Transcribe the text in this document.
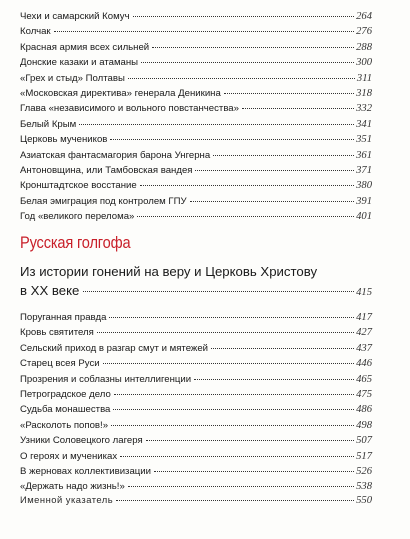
Чехи и самарский Комуч	264
Колчак	276
Красная армия всех сильней	288
Донские казаки и атаманы	300
«Грех и стыд» Полтавы	311
«Московская директива» генерала Деникина	318
Глава «независимого и вольного повстанчества»	332
Белый Крым	341
Церковь мучеников	351
Азиатская фантасмагория барона Унгерна	361
Антоновщина, или Тамбовская вандея	371
Кронштадтское восстание	380
Белая эмиграция под контролем ГПУ	391
Год «великого перелома»	401
Русская голгофа
Из истории гонений на веру и Церковь Христову
в XX веке	415
Поруганная правда	417
Кровь святителя	427
Сельский приход в разгар смут и мятежей	437
Старец всея Руси	446
Прозрения и соблазны интеллигенции	465
Петроградское дело	475
Судьба монашества	486
«Расколоть попов!»	498
Узники Соловецкого лагеря	507
О героях и мучениках	517
В жерновах коллективизации	526
«Держать надо жизнь!»	538
Именной указатель	550
